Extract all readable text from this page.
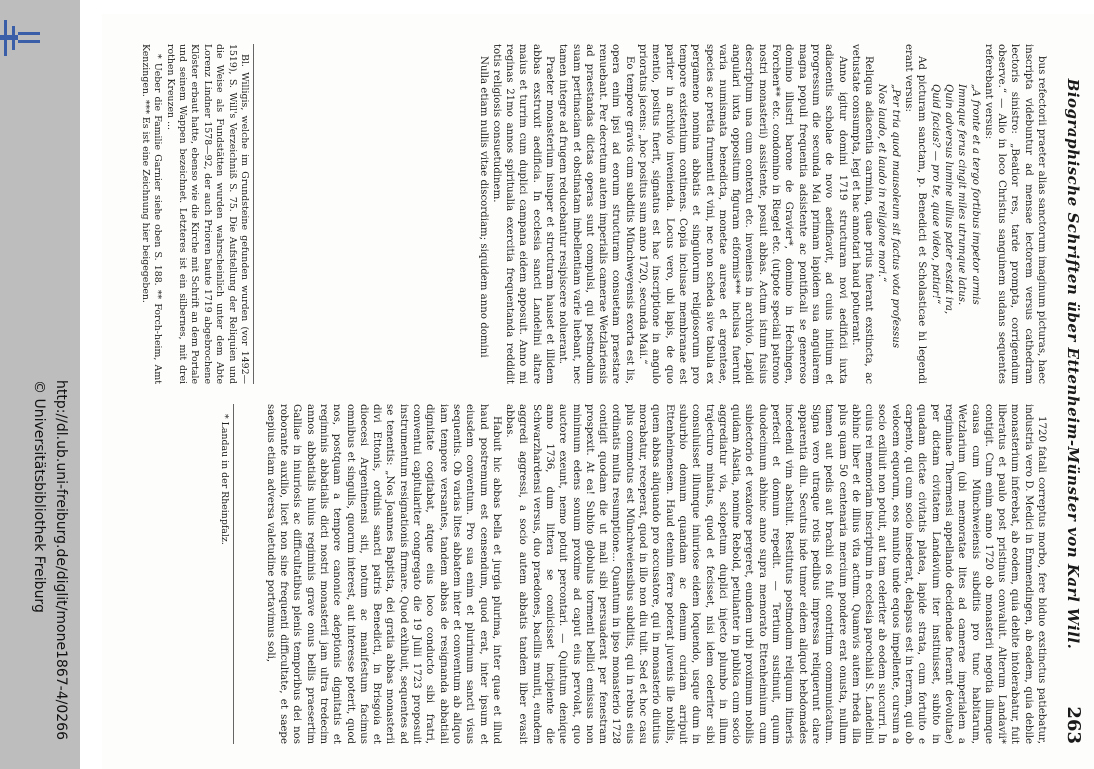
http://dl.ub.uni-freiburg.de/diglit/mone1867-4/0266
© Universitätsbibliothek Freiburg	Biographische Schriften über Ettenheim-Münster von Karl Will.
263

bus refectorii praeter alias sanctorum imaginum picturas, haec inscripta videbuntur ad mensae lectorem versus cathedram lectoris sinistro: „Beatior res, tarde prompta, corrigendum observe.“ — Alio in loco Christus sanguinem sudans sequentes referebant versus:

„A fronte et a tergo fortibus impetor armis

Immque ferus cingit miles utrumque latus.

Quin adversus lumine ullius pater exstat ira,

Quid facias? — pro te, quae video, patiar!“

Ad picturam sanctam, p. Benedicti et Scholasticae hi legendi erant versus:

„Per tria quod mausoleum sit factus vota professus

Nos laudo, et laudo in religione mori.“

Reliqua adiacentia carmina, quae prius fuerant exstincta, ac vetustate consumpta, legi et hac annotari haud potuerant.

Anno igitur domini 1719 structuram novi aedificii iuxta adiacentis scholae de novo aedificavit, ad cuius initium et progressum die secunda Mai primam lapidem sua angularem magna populi frequentia adsistente ac pontificali se generoso domino illustri barone de Gravier*, domino in Hechingen, Forchen** etc. condomino in Riegel etc. (utpote speciali patrono nostri monasterii) assistente, posuit abbas. Actum istum fusius descriptum una cum contextu etc. inveniens in archivio. Lapidi angulari iuxta oppositum figuram eiformis*** inclusa fuerunt varia numismata benedicta, monetae aureae et argenteae, species ac pretia frumenti et vini, nec non scheda sive tabula ex pergameno nomina abbatis et singulorum religiosorum pro tempore existentium continens. Copia inclusae membranae est pariter in archivio invenienda. Locus vero, ubi lapis, de quo mentio, positus fuerit, signatus est hac inscriptione in angulo prioratus jacens: „hoc positus sum anno 1720, secunda Maii.“

Eo tempore gravis cum subditis Münchweyensis exorta est lis, opera enim ipsi ad eorum structuram consuetam praestare renuebant. Per decretum autem imperialis camerae Wetzlariensis ad praestandas dictas operas sunt compulsi, qui postmodum suam pertinaciam et obstinatam imbellentiam varie luebant, nec tamen integre ad frugem reducebantur resipiscere noluerant.

Praeter monasterium insuper et structuram hauset et illidem abbas exstruxit aedificia. In ecclesia sancti Landelini altare maius et turrim cum duplici campana eidem apposuit. Anno mi reginas 21mo annos spiritualia exercitia frequentanda reddidit totis religiosis consuetudinem.

Nulla etiam nullis vitae discordiam; siquidem anno domini

1720 fatali correptus morbo, fere biduo exstinctus patiebatur, industria vero D. Medici in Emmendingen, ab eadem, quia debile monasterium inferebat, ab eodem, quia debite intolerabatur, fuit liberatus et paulo post pristinus convaluit. Alterum Landavii* contigit. Cum enim anno 1720 ob monasterii negotia illumque causa cum Münchweiensis subditis pro tunc habitarum, Wetzlarium (ubi memoratae lites ad camerae imperialem a regiminae Thermensi appellando decidendae fuerant devolutae) per dictam civitatem Landavium iter instituisset, subito in quadam dictae civitatis platea, lapide strata, cum fortuito e carpento, qui cum socio insederat, delapsus est in terram, qui ob velocem equorum, eos munito unde equos impellente, cursum a socio exiliuit non potuit, aut tam celeriter ab eodem succurri. In cuius rei memoriam inscriptum in ecclesia parochiali S. Landelini abhinc liber et de illius vita actum. Quamvis autem rheda illa plus quam 50 centenaria mercium pondere erat onusta, nullum tamen aut pedis aut brachii os fuit contritum communicatum. Signa vero utraque rotis pedibus impressa reliquerunt clare apparentia dilu. Secutus inde tumor eidem aliquot hebdomades incedendi vim abstulit. Restitutus postmodum reliquum itineris perfecit et domum repedit. — Tertium sustinuit, quum duodecimum abhinc anno supra memorato Ettenheimium cum subiectorio et vexatore pergeret, eundem urbi proximum nobilis quidam Alsatia, nomine Rebold, petulanter in publica cum socio aggrediatur via, sclopetum duplici injecto plumbo in illum trajecturo minatus, quod et fecisset, nisi idem celeriter sibi consuluisset illumque iniuriose eidem loquendo, usque dum in suburbio domum quandam ac demum curiam arripuit Ettenheimensem. Haud etenim ferre poterat juvenis ille nobilis, quem abbas aliquando pro accusatore, qui in monasterio diutius morabatur, receperat, quod in illo non diu tulit. Sed et hoc casu plus commotus est Münchweiensibus subditis, qui in rebus eius ordinatis multa resumptione... Quantum in ipso monasterio 1728 contigit quodam die ut mali sibi persuaderat per fenestram prospexit. At ea! Subito globulus tormenti bellici emissus non minimum edens sonum proxime ad caput eius pervolat, quo auctore exeunt, nemo potuit percontari. — Quintum denique anno 1736, dum littera se coniicisset incipiente die Schwarzhardensi versus, duo praedones, bacillis muniti, eundem aggredi aggressi, a socio autem abbatis tandem liber evasit abbas.

Habuit hic abbas bella et jurgia plurima, inter quae et illud haud postremum est censendum, quod erat, inter ipsum et eiusdem conventum. Pro sua enim et plurimum sancti visus sequentis. Ob varias lites abbatem inter et conventum ab aliquo iam tempore versantes, tandem abbas de resignanda abbatiali dignitate cogitabat, atque eius loco conducto sibi fratri, conventui capitulariter congregato die 19 Julii 1723 proposuit instrumentum resignationis firmare. Quod exhibuit, sequentes ad se tenentis: „Nos Joannes Baptista, dei gratia abbas monasterii divi Ettonis, ordinis sancti patris Benedicti, in Brisgoia et dioecesi Argentinensi siti, notum ac manifestum facimus omnibus et singulis, quorum interest, aut interesse poterit, quod nos, postquam a tempore canonice adeptionis dignitatis et regiminis abbatialis dicti nostri monasterii jam ultra tredecim annos abbatialis huius regiminis grave onus bellis praesertim Galliae in iniuriosis ac difficultatibus plenis temporibus dei nos roborante auxilio, licet non sine frequenti difficultate, et saepe saepius etiam adversa valetudine portavimus soli,

Bl. Willigis, welche im Grundsteine gefunden wurden (vor 1492—1519), S. Will's Verzeichniß S. 75. Die Aufstellung der Reliquien und die Weise als Fundstätten wurden wahrscheinlich unter dem Abte Lorenz Lindner 1578—92, der auch Prioren baute 1719 abgebrochene Klöster erbaut hatte, ebenso wie die Kirche mit Schrift an dem Portale und seinem Wappen bezeichnet. Letzteres ist ein silbernes, mit drei rothen Kreuzen ...

* Ueber die Familie Garnier siehe oben S. 188. ** Forch-heim, Amt Kenzingen. *** Es ist eine Zeichnung hier beigegeben.

* Landau in der Rheinpfalz.
